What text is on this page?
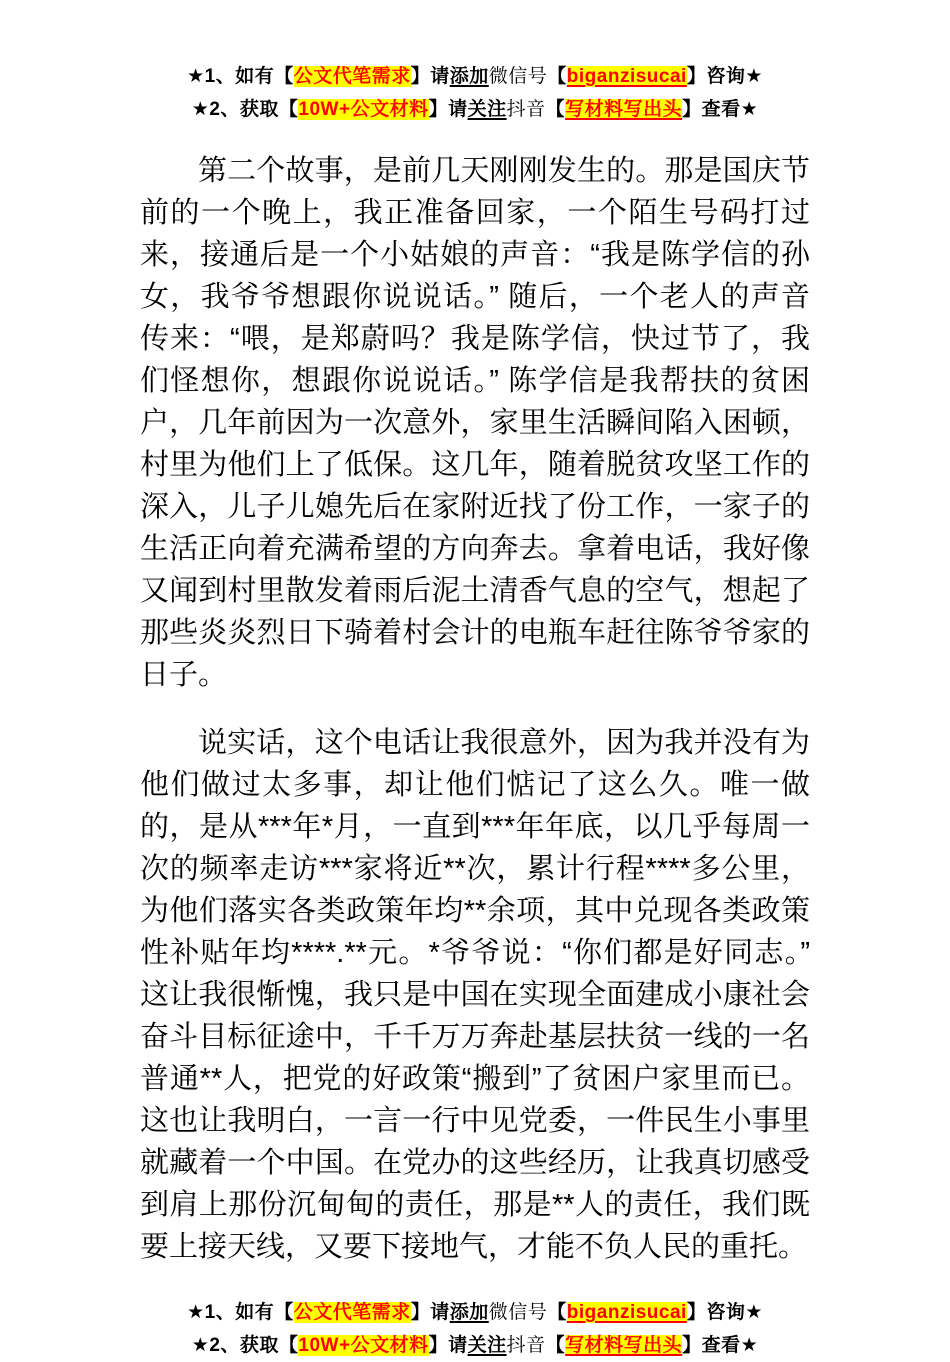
★1、如有【公文代笔需求】请添加微信号【biganzisucai】咨询★
★2、获取【10W+公文材料】请关注抖音【写材料写出头】查看★

第二个故事，是前几天刚刚发生的。那是国庆节前的一个晚上，我正准备回家，一个陌生号码打过来，接通后是一个小姑娘的声音：“我是陈学信的孙女，我爷爷想跟你说说话。” 随后，一个老人的声音传来：“喂，是郑蔚吗？我是陈学信，快过节了，我们怪想你，想跟你说说话。” 陈学信是我帮扶的贫困户，几年前因为一次意外，家里生活瞬间陷入困顿，村里为他们上了低保。这几年，随着脱贫攻坚工作的深入，儿子儿媳先后在家附近找了份工作，一家子的生活正向着充满希望的方向奔去。拿着电话，我好像又闻到村里散发着雨后泥土清香气息的空气，想起了那些炎炎烈日下骑着村会计的电瓶车赶往陈爷爷家的日子。

说实话，这个电话让我很意外，因为我并没有为他们做过太多事，却让他们惦记了这么久。唯一做的，是从***年*月，一直到***年年底，以几乎每周一次的频率走访***家将近**次，累计行程****多公里，为他们落实各类政策年均**余项，其中兑现各类政策性补贴年均****.**元。*爷爷说：“你们都是好同志。” 这让我很惭愧，我只是中国在实现全面建成小康社会奋斗目标征途中，千千万万奔赴基层扶贫一线的一名普通**人，把党的好政策“搬到”了贫困户家里而已。这也让我明白，一言一行中见党委，一件民生小事里就藏着一个中国。在党办的这些经历，让我真切感受到肩上那份沉甸甸的责任，那是**人的责任，我们既要上接天线，又要下接地气，才能不负人民的重托。

★1、如有【公文代笔需求】请添加微信号【biganzisucai】咨询★
★2、获取【10W+公文材料】请关注抖音【写材料写出头】查看★
